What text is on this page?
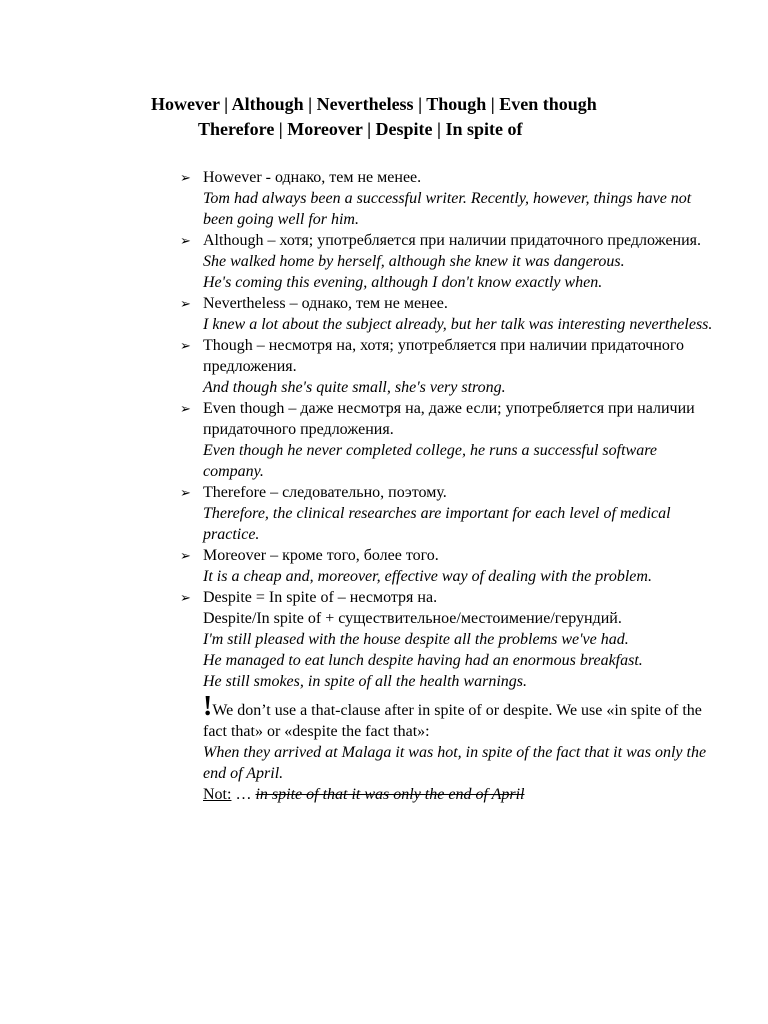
However | Although | Nevertheless | Though | Even though
Therefore | Moreover | Despite | In spite of
➢ However - однако, тем не менее.

Tom had always been a successful writer. Recently, however, things have not been going well for him.

➢ Although – хотя; употребляется при наличии придаточного предложения.

She walked home by herself, although she knew it was dangerous.

He's coming this evening, although I don't know exactly when.

➢ Nevertheless – однако, тем не менее.

I knew a lot about the subject already, but her talk was interesting nevertheless.

➢ Though – несмотря на, хотя; употребляется при наличии придаточного предложения.

And though she's quite small, she's very strong.

➢ Even though – даже несмотря на, даже если; употребляется при наличии придаточного предложения.

Even though he never completed college, he runs a successful software company.

➢ Therefore – следовательно, поэтому.

Therefore, the clinical researches are important for each level of medical practice.

➢ Moreover – кроме того, более того.

It is a cheap and, moreover, effective way of dealing with the problem.

➢ Despite = In spite of – несмотря на.

Despite/In spite of + существительное/местоимение/герундий.

I'm still pleased with the house despite all the problems we've had.

He managed to eat lunch despite having had an enormous breakfast.

He still smokes, in spite of all the health warnings.

!We don’t use a that-clause after in spite of or despite. We use «in spite of the fact that» or «despite the fact that»:

When they arrived at Malaga it was hot, in spite of the fact that it was only the end of April.

Not: … in spite of that it was only the end of April
